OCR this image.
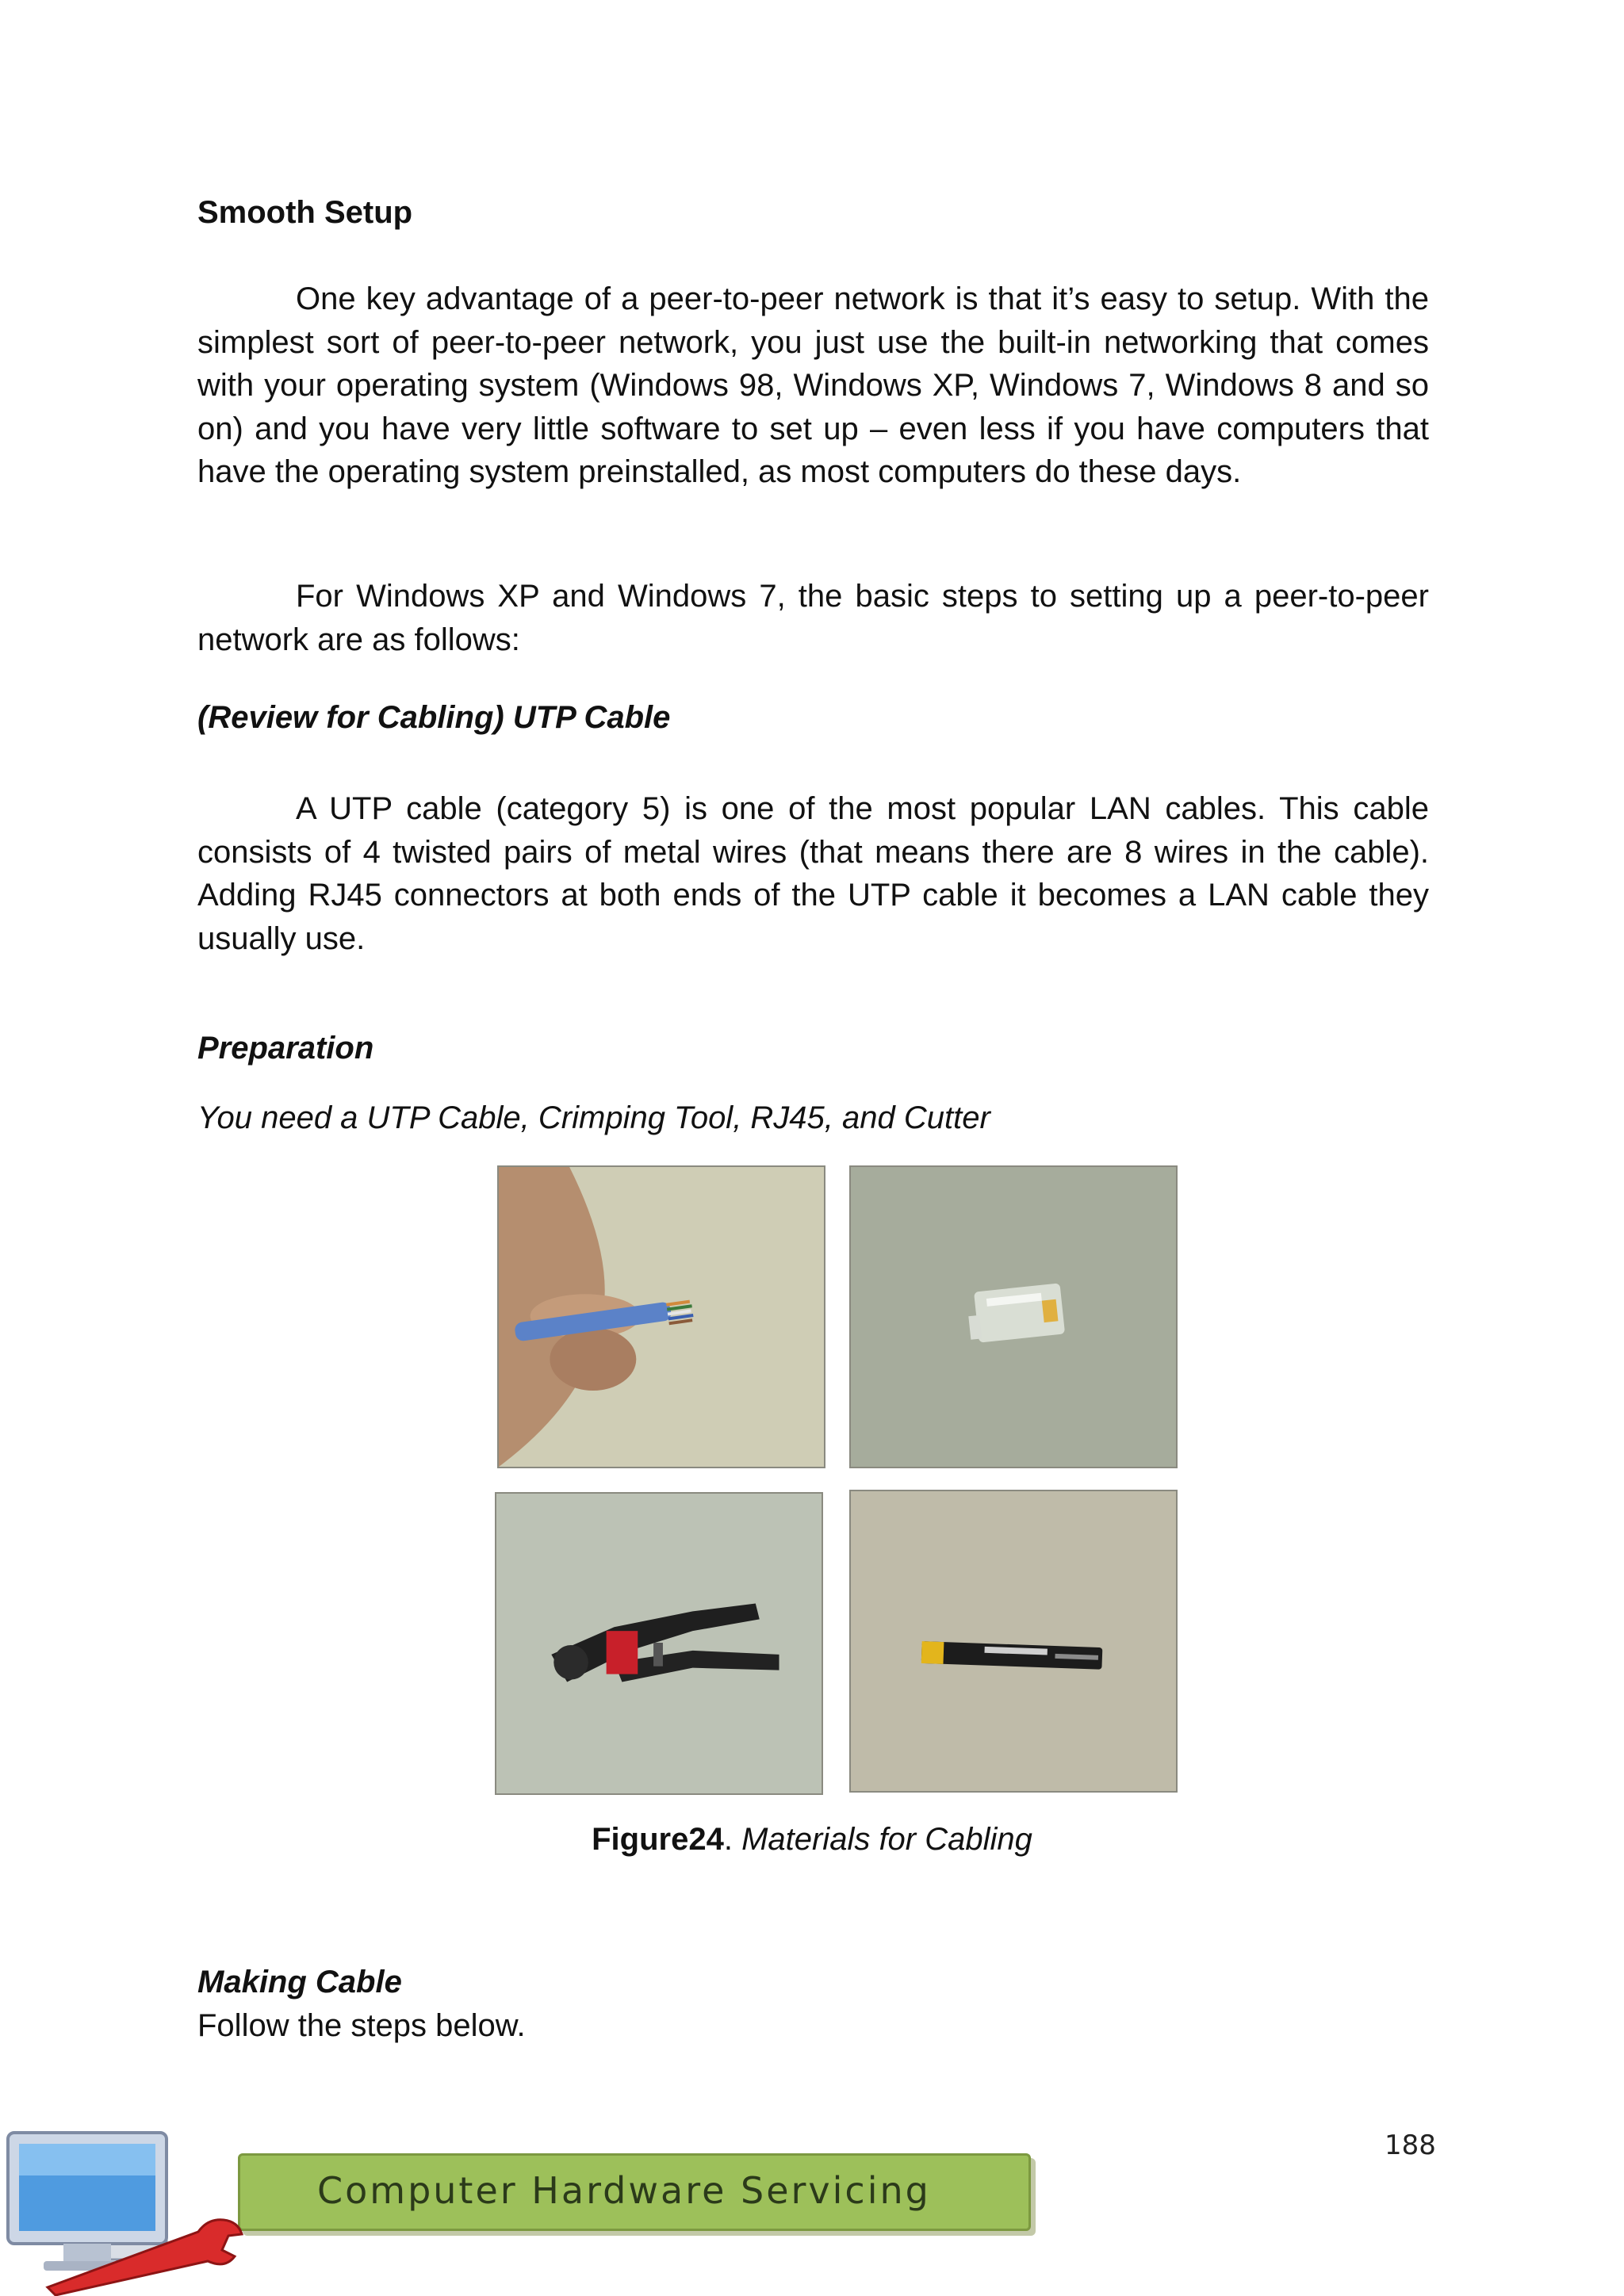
Smooth Setup

One key advantage of a peer-to-peer network is that it’s easy to setup. With the simplest sort of peer-to-peer network, you just use the built-in networking that comes with your operating system (Windows 98, Windows XP, Windows 7, Windows 8 and so on) and you have very little software to set up – even less if you have computers that have the operating system preinstalled, as most computers do these days.

For Windows XP and Windows 7, the basic steps to setting up a peer-to-peer network are as follows:

(Review for Cabling) UTP Cable

A UTP cable (category 5) is one of the most popular LAN cables. This cable consists of 4 twisted pairs of metal wires (that means there are 8 wires in the cable). Adding RJ45 connectors at both ends of the UTP cable it becomes a LAN cable they usually use.

Preparation

You need a UTP Cable, Crimping Tool, RJ45, and Cutter

Figure24. Materials for Cabling

Making Cable

Follow the steps below.

188
Computer Hardware Servicing
